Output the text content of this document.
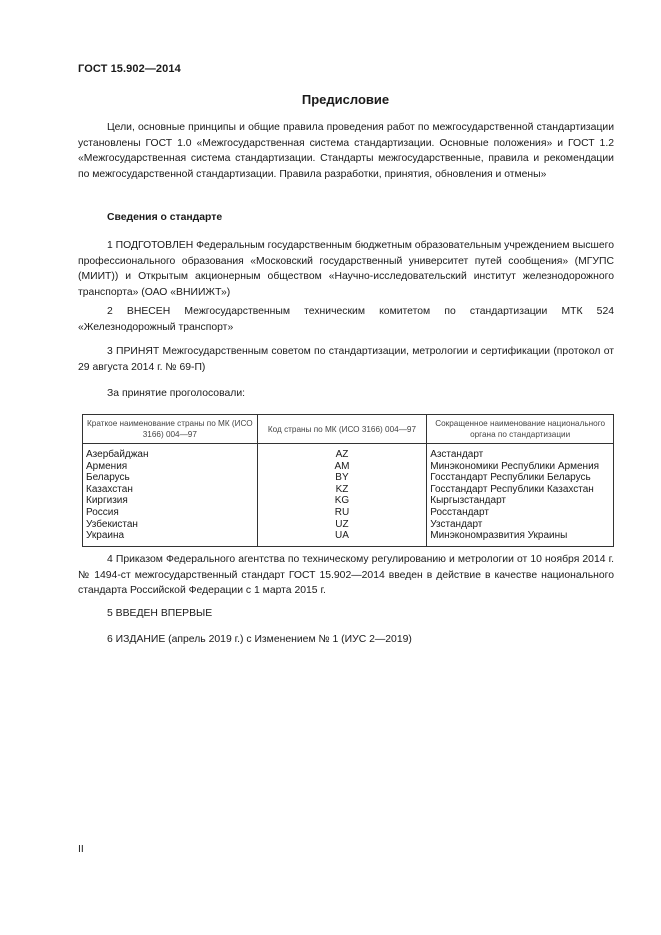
ГОСТ 15.902—2014
Предисловие
Цели, основные принципы и общие правила проведения работ по межгосударственной стандартизации установлены ГОСТ 1.0 «Межгосударственная система стандартизации. Основные положения» и ГОСТ 1.2 «Межгосударственная система стандартизации. Стандарты межгосударственные, правила и рекомендации по межгосударственной стандартизации. Правила разработки, принятия, обновления и отмены»
Сведения о стандарте
1 ПОДГОТОВЛЕН Федеральным государственным бюджетным образовательным учреждением высшего профессионального образования «Московский государственный университет путей сообщения» (МГУПС (МИИТ)) и Открытым акционерным обществом «Научно-исследовательский институт железнодорожного транспорта» (ОАО «ВНИИЖТ»)
2 ВНЕСЕН Межгосударственным техническим комитетом по стандартизации МТК 524 «Железнодорожный транспорт»
3 ПРИНЯТ Межгосударственным советом по стандартизации, метрологии и сертификации (протокол от 29 августа 2014 г. № 69-П)
За принятие проголосовали:
Краткое наименование страны по МК (ИСО 3166) 004—97	Код страны по МК (ИСО 3166) 004—97	Сокращенное наименование национального органа по стандартизации
Азербайджан	AZ	Азстандарт
Армения	AM	Минэкономики Республики Армения
Беларусь	BY	Госстандарт Республики Беларусь
Казахстан	KZ	Госстандарт Республики Казахстан
Киргизия	KG	Кыргызстандарт
Россия	RU	Росстандарт
Узбекистан	UZ	Узстандарт
Украина	UA	Минэкономразвития Украины
4 Приказом Федерального агентства по техническому регулированию и метрологии от 10 ноября 2014 г. № 1494-ст межгосударственный стандарт ГОСТ 15.902—2014 введен в действие в качестве национального стандарта Российской Федерации с 1 марта 2015 г.
5 ВВЕДЕН ВПЕРВЫЕ
6 ИЗДАНИЕ (апрель 2019 г.) с Изменением № 1 (ИУС 2—2019)
II
